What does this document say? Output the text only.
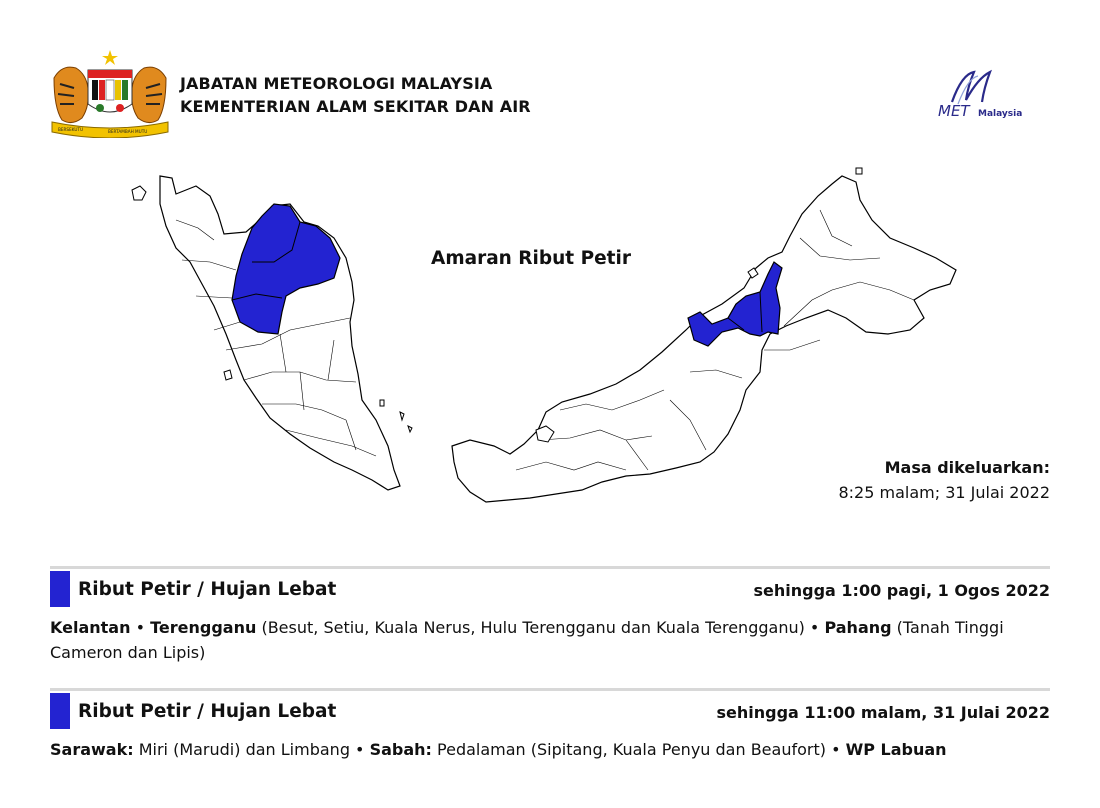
BERSEKUTU	BERTAMBAH MUTU
JABATAN METEOROLOGI MALAYSIA
KEMENTERIAN ALAM SEKITAR DAN AIR	MET Malaysia
Amaran Ribut Petir
Masa dikeluarkan:
8:25 malam; 31 Julai 2022
Ribut Petir / Hujan Lebat	sehingga 1:00 pagi, 1 Ogos 2022
Kelantan • Terengganu (Besut, Setiu, Kuala Nerus, Hulu Terengganu dan Kuala Terengganu) • Pahang (Tanah Tinggi Cameron dan Lipis)
Ribut Petir / Hujan Lebat	sehingga 11:00 malam, 31 Julai 2022
Sarawak: Miri (Marudi) dan Limbang • Sabah: Pedalaman (Sipitang, Kuala Penyu dan Beaufort) • WP Labuan
